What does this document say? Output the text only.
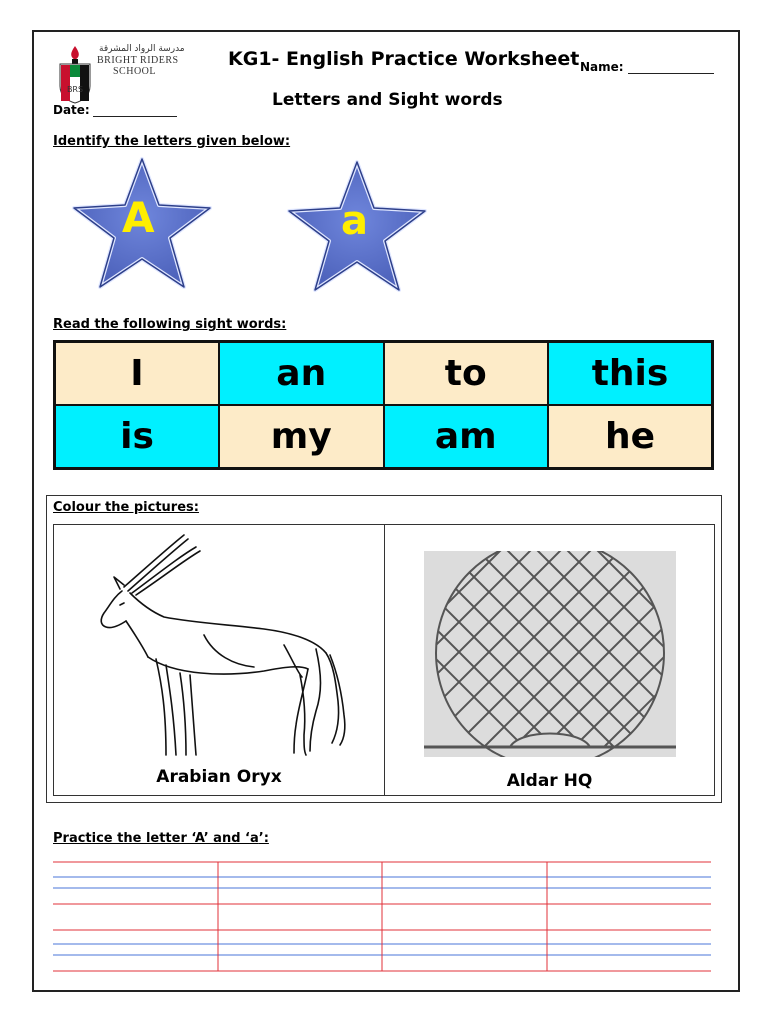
BRS
مدرسة الرواد المشرقة
BRIGHT RIDERS
SCHOOL
KG1- English Practice Worksheet
Letters and Sight words
Name:
Date:
Identify the letters given below:
A	a
Read the following sight words:
I	an	to	this
is	my	am	he
Colour the pictures:
Arabian Oryx	Aldar HQ
Practice the letter ‘A’ and ‘a’:
